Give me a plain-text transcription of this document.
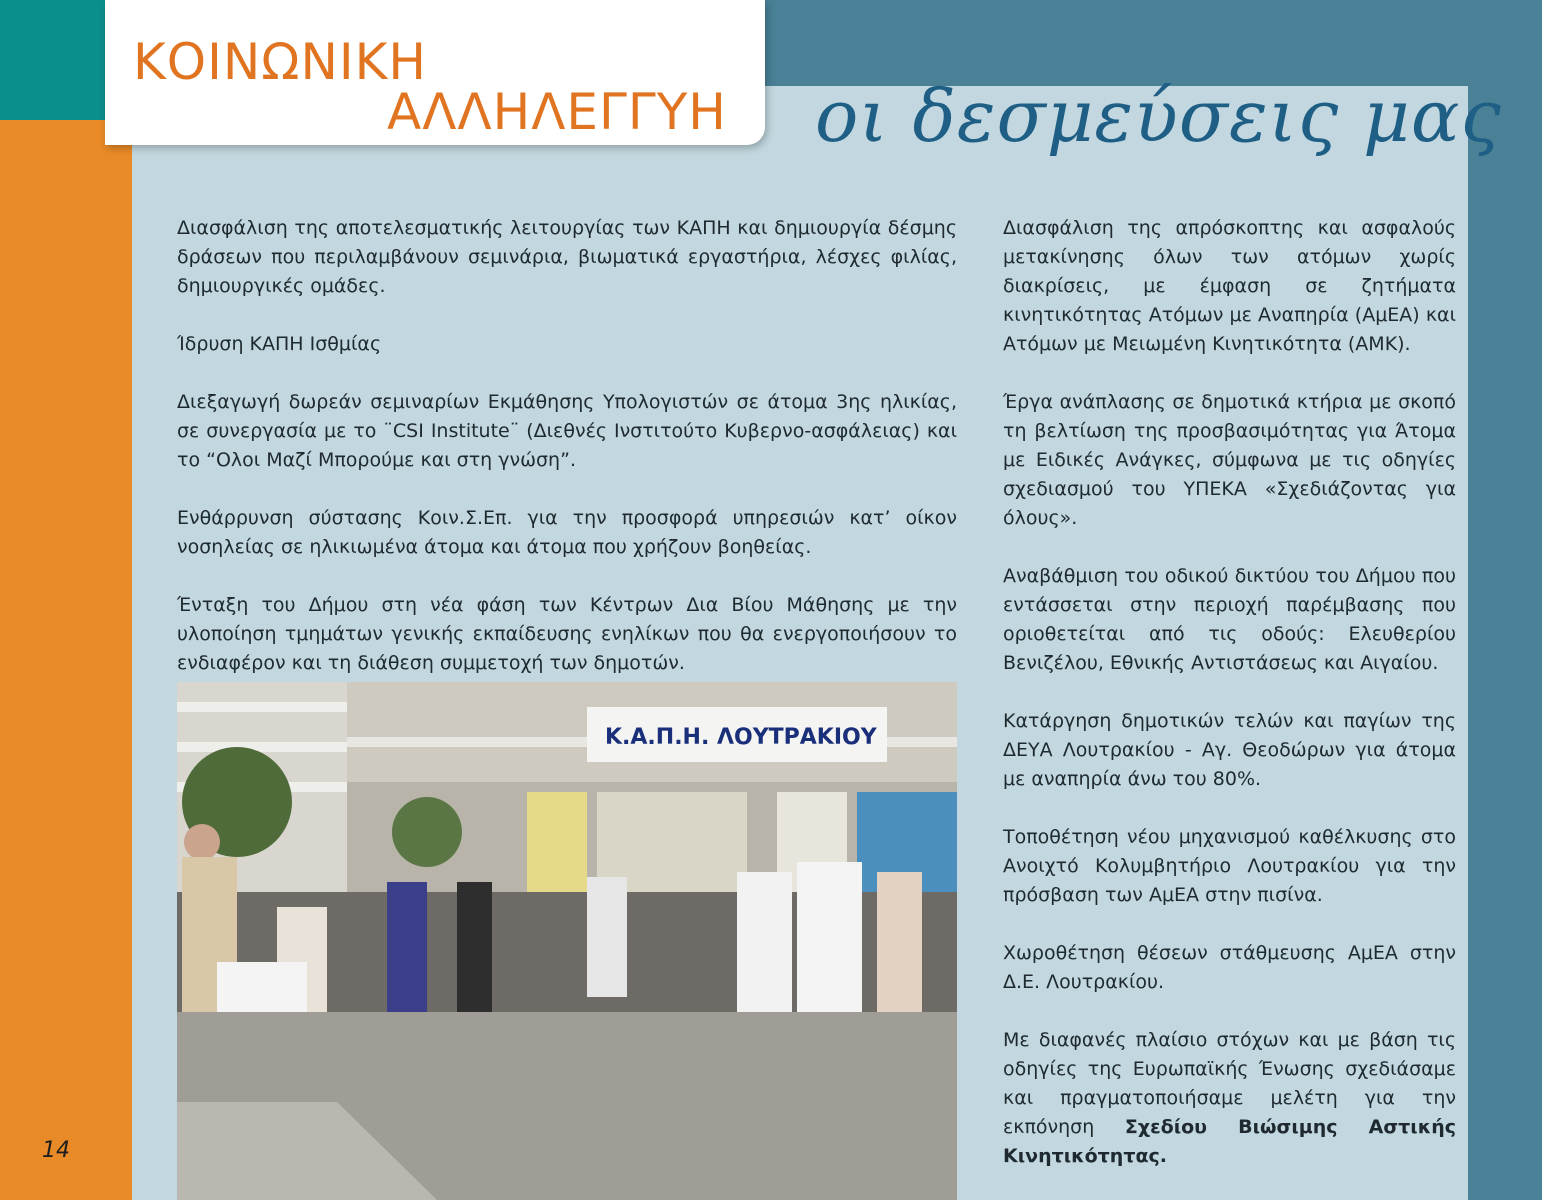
ΚΟΙΝΩΝΙΚΗ
ΑΛΛΗΛΕΓΓΥΗ οι δεσμεύσεις μας

Διασφάλιση της αποτελεσματικής λειτουργίας των ΚΑΠΗ και δημιουργία δέσμης δράσεων που περιλαμβάνουν σεμινάρια, βιωματικά εργαστήρια, λέσχες φιλίας, δημιουργικές ομάδες.

Ίδρυση ΚΑΠΗ Ισθμίας

Διεξαγωγή δωρεάν σεμιναρίων Εκμάθησης Υπολογιστών σε άτομα 3ης ηλικίας, σε συνεργασία με το ¨CSI Institute¨ (Διεθνές Ινστιτούτο Κυβερνο-ασφάλειας) και το “Ολοι Μαζί Μπορούμε και στη γνώση”.

Ενθάρρυνση σύστασης Κοιν.Σ.Επ. για την προσφορά υπηρεσιών κατ’ οίκον νοσηλείας σε ηλικιωμένα άτομα και άτομα που χρήζουν βοηθείας.

Ένταξη του Δήμου στη νέα φάση των Κέντρων Δια Βίου Μάθησης με την υλοποίηση τμημάτων γενικής εκπαίδευσης ενηλίκων που θα ενεργοποιήσουν το ενδιαφέρον και τη διάθεση συμμετοχή των δημοτών.

Κ.Α.Π.Η. ΛΟΥΤΡΑΚΙΟΥ

Διασφάλιση της απρόσκοπτης και ασφαλούς μετακίνησης όλων των ατόμων χωρίς διακρίσεις, με έμφαση σε ζητήματα κινητικότητας Ατόμων με Αναπηρία (ΑμΕΑ) και Ατόμων με Μειωμένη Κινητικότητα (ΑΜΚ).

Έργα ανάπλασης σε δημοτικά κτήρια με σκοπό τη βελτίωση της προσβασιμότητας για Άτομα με Ειδικές Ανάγκες, σύμφωνα με τις οδηγίες σχεδιασμού του ΥΠΕΚΑ «Σχεδιάζοντας για όλους».

Αναβάθμιση του οδικού δικτύου του Δήμου που εντάσσεται στην περιοχή παρέμβασης που οριοθετείται από τις οδούς: Ελευθερίου Βενιζέλου, Εθνικής Αντιστάσεως και Αιγαίου.

Κατάργηση δημοτικών τελών και παγίων της ΔΕΥΑ Λουτρακίου - Αγ. Θεοδώρων για άτομα με αναπηρία άνω του 80%.

Τοποθέτηση νέου μηχανισμού καθέλκυσης στο Ανοιχτό Κολυμβητήριο Λουτρακίου για την πρόσβαση των ΑμΕΑ στην πισίνα.

Χωροθέτηση θέσεων στάθμευσης ΑμΕΑ στην Δ.Ε. Λουτρακίου.

Με διαφανές πλαίσιο στόχων και με βάση τις οδηγίες της Ευρωπαϊκής Ένωσης σχεδιάσαμε και πραγματοποιήσαμε μελέτη για την εκπόνηση Σχεδίου Βιώσιμης Αστικής Κινητικότητας.

14
